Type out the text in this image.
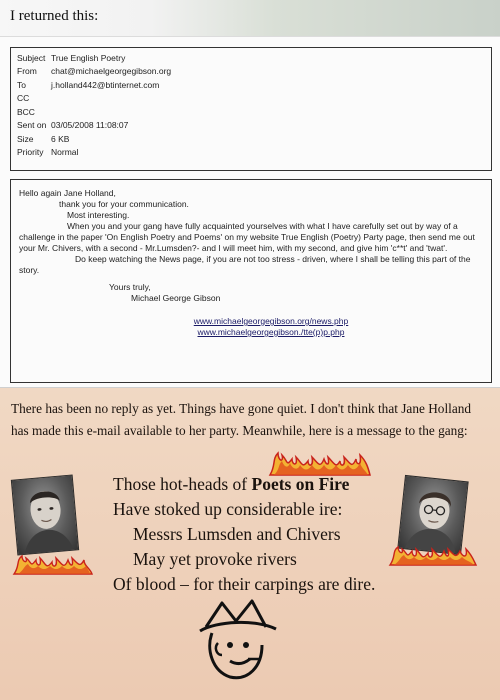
I returned this:
Subject True English Poetry
From	chat@michaelgeorgegibson.org
To	j.holland442@btinternet.com
CC
BCC
Sent on 03/05/2008 11:08:07
Size	6 KB
Priority Normal

Hello again Jane Holland,

thank you for your communication.

Most interesting.

When you and your gang have fully acquainted yourselves with what I have carefully set out by way of a challenge in the paper 'On English Poetry and Poems' on my website True English (Poetry) Party page, then send me out your Mr. Chivers, with a second - Mr.Lumsden?- and I will meet him, with my second, and give him 'c**t' and 'twat'.

Do keep watching the News page, if you are not too stress - driven, where I shall be telling this part of the story.

Yours truly,

Michael George Gibson

www.michaelgeorgegibson.org/news.php

www.michaelgeorgegibson./tte(p)p.php

There has been no reply as yet. Things have gone quiet. I don't think that Jane Holland has made this e-mail available to her party. Meanwhile, here is a message to the gang:
Those hot-heads of Poets on Fire
Have stoked up considerable ire:
Messrs Lumsden and Chivers
May yet provoke rivers
Of blood – for their carpings are dire.
